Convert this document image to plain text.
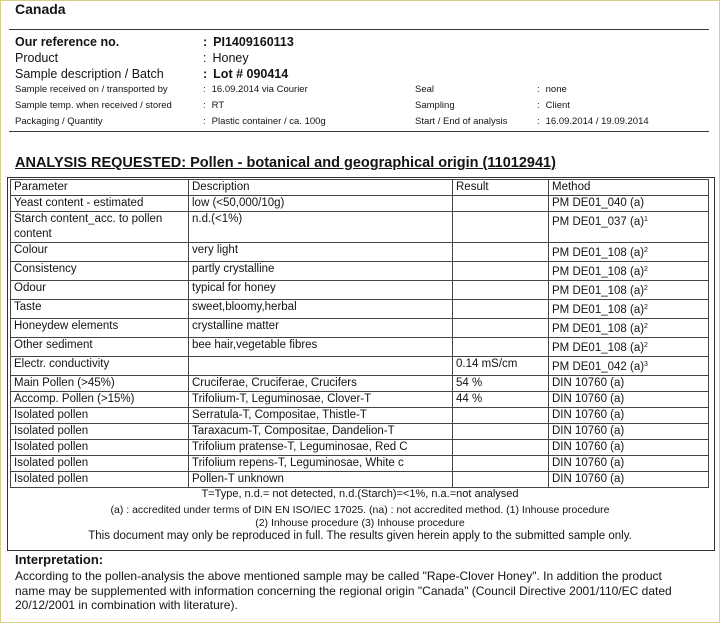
Canada
Our reference no.	: PI1409160113
Product	: Honey
Sample description / Batch	: Lot # 090414
Sample received on / transported by	: 16.09.2014 via Courier	Seal	: none
Sample temp. when received / stored	: RT	Sampling	: Client
Packaging / Quantity	: Plastic container / ca. 100g	Start / End of analysis	: 16.09.2014 / 19.09.2014
ANALYSIS REQUESTED: Pollen - botanical and geographical origin (11012941)
Parameter	Description	Result	Method
Yeast content - estimated	low (<50,000/10g)		PM DE01_040 (a)
Starch content_acc. to pollen content	n.d.(<1%)		PM DE01_037 $(a)^1$
Colour	very light		PM DE01_108 $(a)^2$
Consistency	partly crystalline		PM DE01_108 $(a)^2$
Odour	typical for honey		PM DE01_108 $(a)^2$
Taste	sweet,bloomy,herbal		PM DE01_108 $(a)^2$
Honeydew elements	crystalline matter		PM DE01_108 $(a)^2$
Other sediment	bee hair,vegetable fibres		PM DE01_108 $(a)^2$
Electr. conductivity		0.14 mS/cm	PM DE01_042 $(a)^3$
Main Pollen (>45%)	Cruciferae, Cruciferae, Crucifers	54 %	DIN 10760 (a)
Accomp. Pollen (>15%)	Trifolium-T, Leguminosae, Clover-T	44 %	DIN 10760 (a)
Isolated pollen	Serratula-T, Compositae, Thistle-T		DIN 10760 (a)
Isolated pollen	Taraxacum-T, Compositae, Dandelion-T		DIN 10760 (a)
Isolated pollen	Trifolium pratense-T, Leguminosae, Red C		DIN 10760 (a)
Isolated pollen	Trifolium repens-T, Leguminosae, White c		DIN 10760 (a)
Isolated pollen	Pollen-T unknown		DIN 10760 (a)
T=Type, n.d.= not detected, n.d.(Starch)=<1%, n.a.=not analysed
(a) : accredited under terms of DIN EN ISO/IEC 17025. (na) : not accredited method. (1) Inhouse procedure
(2) Inhouse procedure (3) Inhouse procedure
This document may only be reproduced in full. The results given herein apply to the submitted sample only.
Interpretation:
According to the pollen-analysis the above mentioned sample may be called "Rape-Clover Honey". In addition the product name may be supplemented with information concerning the regional origin "Canada" (Council Directive 2001/110/EC dated 20/12/2001 in combination with literature).
